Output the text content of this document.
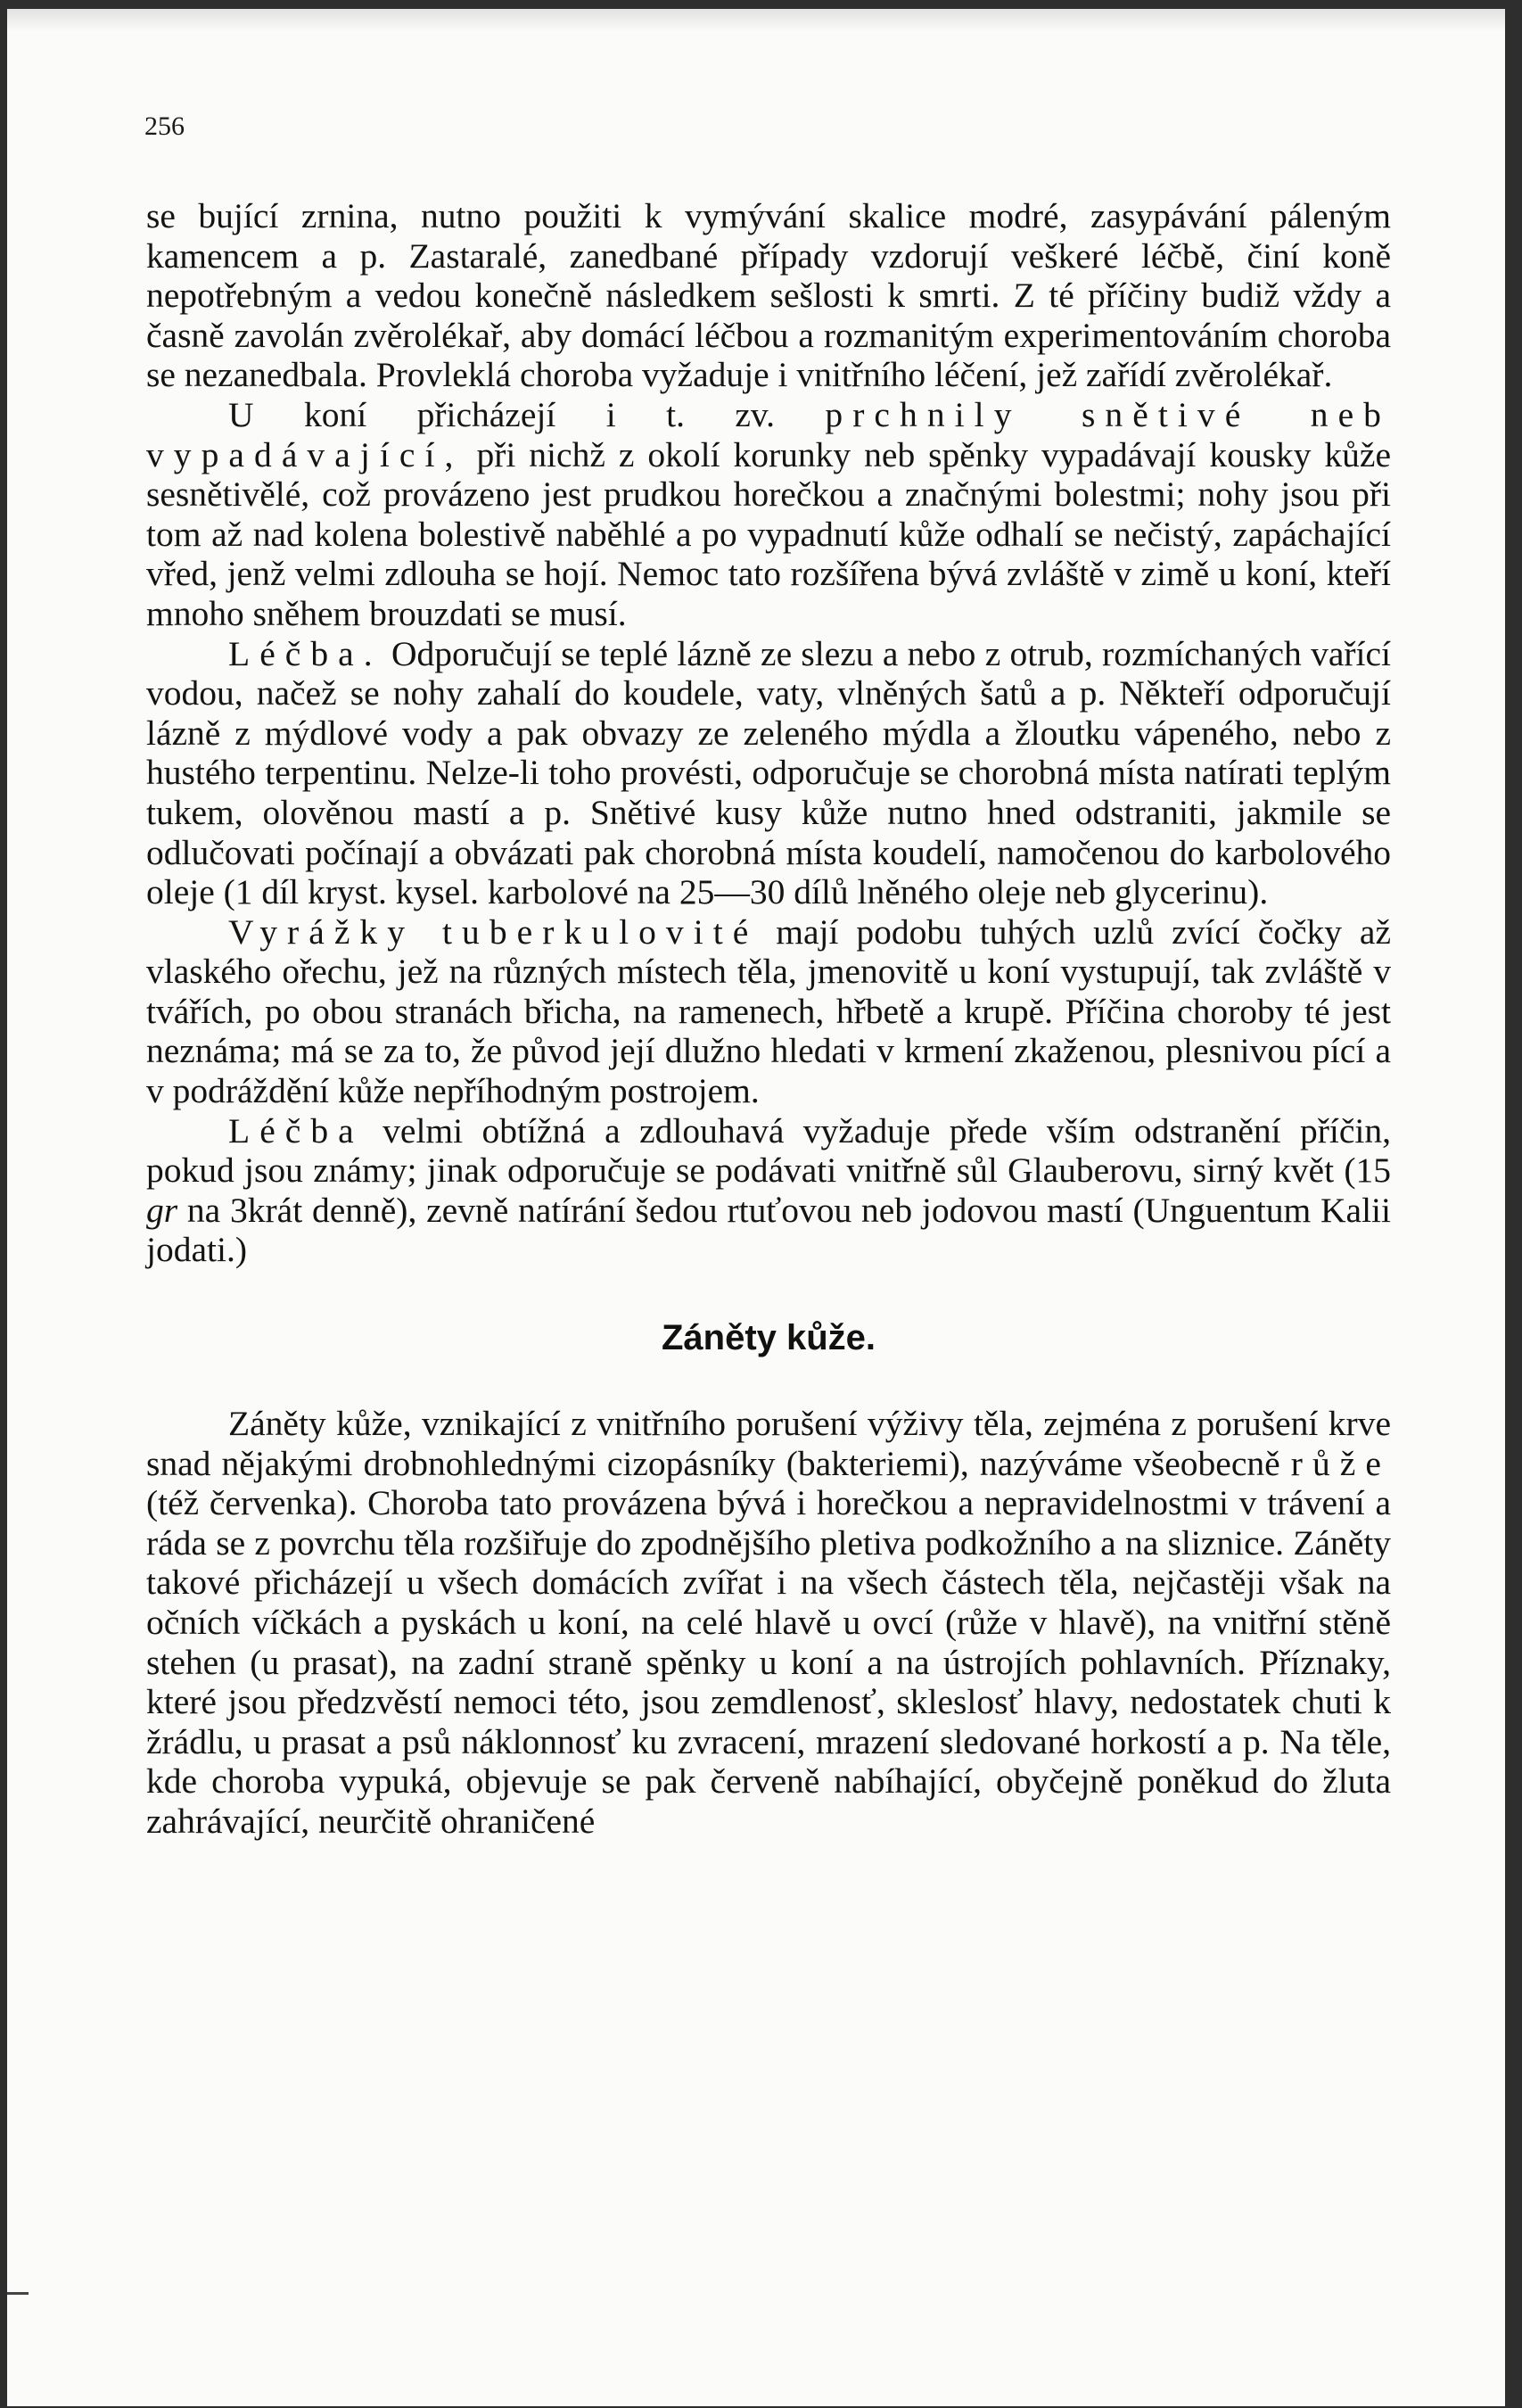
256

se bující zrnina, nutno použiti k vymývání skalice modré, zasypávání páleným kamencem a p. Zastaralé, zanedbané případy vzdorují veškeré léčbě, činí koně nepotřebným a vedou konečně následkem sešlosti k smrti. Z té příčiny budiž vždy a časně zavolán zvěrolékař, aby domácí léčbou a rozmanitým experimentováním choroba se nezanedbala. Provleklá choroba vyžaduje i vnitřního léčení, jež zařídí zvěrolékař.

U koní přicházejí i t. zv. prchnily snětivé neb vypadávající, při nichž z okolí korunky neb spěnky vypadávají kousky kůže sesnětivělé, což provázeno jest prudkou horečkou a značnými bolestmi; nohy jsou při tom až nad kolena bolestivě naběhlé a po vypadnutí kůže odhalí se nečistý, zapáchající vřed, jenž velmi zdlouha se hojí. Nemoc tato rozšířena bývá zvláště v zimě u koní, kteří mnoho sněhem brouzdati se musí.

Léčba. Odporučují se teplé lázně ze slezu a nebo z otrub, rozmíchaných vařící vodou, načež se nohy zahalí do koudele, vaty, vlněných šatů a p. Někteří odporučují lázně z mýdlové vody a pak obvazy ze zeleného mýdla a žloutku vápeného, nebo z hustého terpentinu. Nelze-li toho provésti, odporučuje se chorobná místa natírati teplým tukem, olověnou mastí a p. Snětivé kusy kůže nutno hned odstraniti, jakmile se odlučovati počínají a obvázati pak chorobná místa koudelí, namočenou do karbolového oleje (1 díl kryst. kysel. karbolové na 25—30 dílů lněného oleje neb glycerinu).

Vyrážky tuberkulovité mají podobu tuhých uzlů zvící čočky až vlaského ořechu, jež na různých místech těla, jmenovitě u koní vystupují, tak zvláště v tvářích, po obou stranách břicha, na ramenech, hřbetě a krupě. Příčina choroby té jest neznáma; má se za to, že původ její dlužno hledati v krmení zkaženou, plesnivou pící a v podráždění kůže nepříhodným postrojem.

Léčba velmi obtížná a zdlouhavá vyžaduje přede vším odstranění příčin, pokud jsou známy; jinak odporučuje se podávati vnitřně sůl Glauberovu, sirný květ (15 gr na 3krát denně), zevně natírání šedou rtuťovou neb jodovou mastí (Unguentum Kalii jodati.)

Záněty kůže.

Záněty kůže, vznikající z vnitřního porušení výživy těla, zejména z porušení krve snad nějakými drobnohlednými cizopásníky (bakteriemi), nazýváme všeobecně růže (též červenka). Choroba tato provázena bývá i horečkou a nepravidelnostmi v trávení a ráda se z povrchu těla rozšiřuje do zpodnějšího pletiva podkožního a na sliznice. Záněty takové přicházejí u všech domácích zvířat i na všech částech těla, nejčastěji však na očních víčkách a pyskách u koní, na celé hlavě u ovcí (růže v hlavě), na vnitřní stěně stehen (u prasat), na zadní straně spěnky u koní a na ústrojích pohlavních. Příznaky, které jsou předzvěstí nemoci této, jsou zemdlenosť, skleslosť hlavy, nedostatek chuti k žrádlu, u prasat a psů náklonnosť ku zvracení, mrazení sledované horkostí a p. Na těle, kde choroba vypuká, objevuje se pak červeně nabíhající, obyčejně poněkud do žluta zahrávající, neurčitě ohraničené
